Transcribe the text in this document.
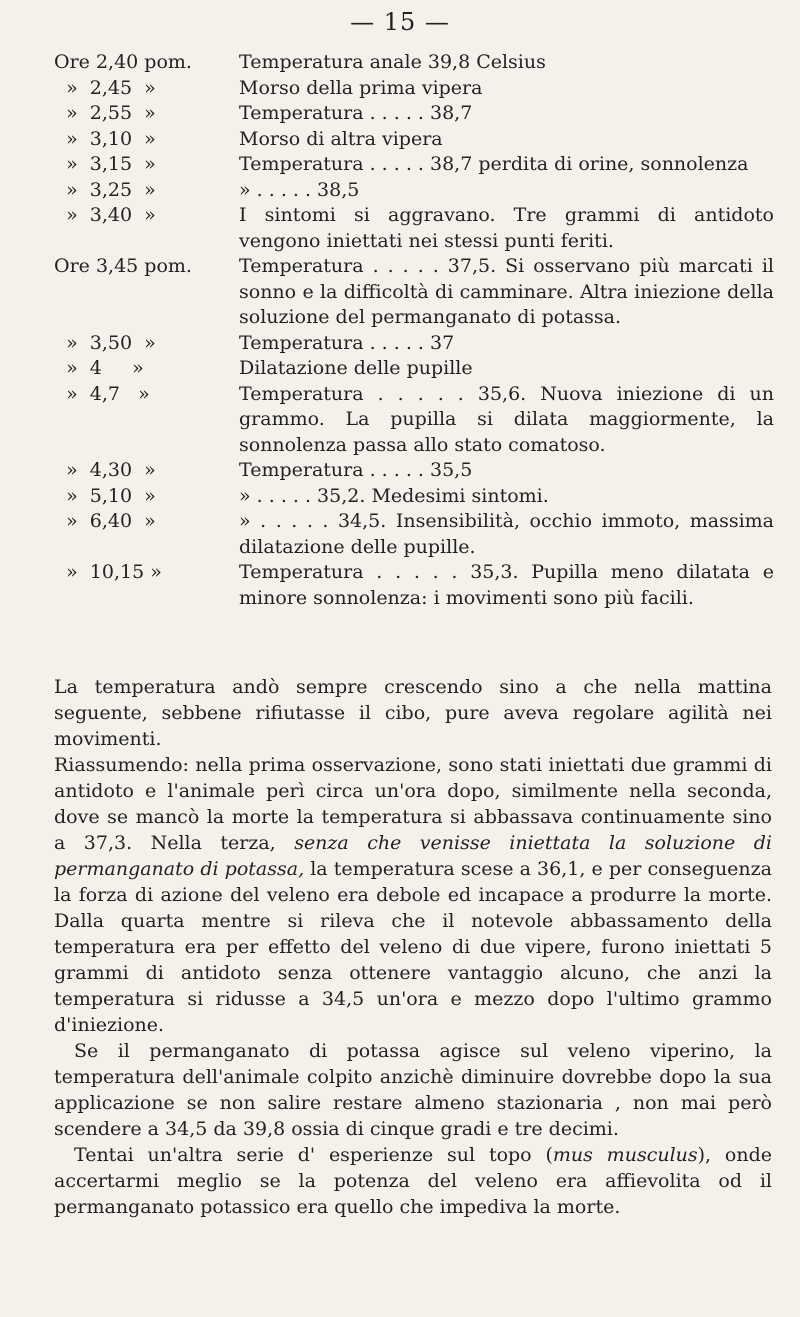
— 15 —
Ore 2,40 pom.	Temperatura anale 39,8 Celsius
»  2,45  »	Morso della prima vipera
»  2,55  »	Temperatura . . . . . 38,7
»  3,10  »	Morso di altra vipera
»  3,15  »	Temperatura . . . . . 38,7 perdita di orine, sonnolenza
»  3,25  »	» . . . . . 38,5
»  3,40  »	I sintomi si aggravano. Tre grammi di antidoto vengono iniettati nei stessi punti feriti.
Ore 3,45 pom.	Temperatura . . . . . 37,5. Si osservano più marcati il sonno e la difficoltà di camminare. Altra iniezione della soluzione del permanganato di potassa.
»  3,50  »	Temperatura . . . . . 37
»  4     »	Dilatazione delle pupille
»  4,7   »	Temperatura . . . . . 35,6. Nuova iniezione di un grammo. La pupilla si dilata maggiormente, la sonnolenza passa allo stato comatoso.
»  4,30  »	Temperatura . . . . . 35,5
»  5,10  »	» . . . . . 35,2. Medesimi sintomi.
»  6,40  »	» . . . . . 34,5. Insensibilità, occhio immoto, massima dilatazione delle pupille.
»  10,15 »	Temperatura . . . . . 35,3. Pupilla meno dilatata e minore sonnolenza: i movimenti sono più facili.

La temperatura andò sempre crescendo sino a che nella mattina seguente, sebbene rifiutasse il cibo, pure aveva regolare agilità nei movimenti.

Riassumendo: nella prima osservazione, sono stati iniettati due grammi di antidoto e l'animale perì circa un'ora dopo, similmente nella seconda, dove se mancò la morte la temperatura si abbassava continuamente sino a 37,3. Nella terza, senza che venisse iniettata la soluzione di permanganato di potassa, la temperatura scese a 36,1, e per conseguenza la forza di azione del veleno era debole ed incapace a produrre la morte. Dalla quarta mentre si rileva che il notevole abbassamento della temperatura era per effetto del veleno di due vipere, furono iniettati 5 grammi di antidoto senza ottenere vantaggio alcuno, che anzi la temperatura si ridusse a 34,5 un'ora e mezzo dopo l'ultimo grammo d'iniezione.

Se il permanganato di potassa agisce sul veleno viperino, la temperatura dell'animale colpito anzichè diminuire dovrebbe dopo la sua applicazione se non salire restare almeno stazionaria , non mai però scendere a 34,5 da 39,8 ossia di cinque gradi e tre decimi.

Tentai un'altra serie d' esperienze sul topo (mus musculus), onde accertarmi meglio se la potenza del veleno era affievolita od il permanganato potassico era quello che impediva la morte.
